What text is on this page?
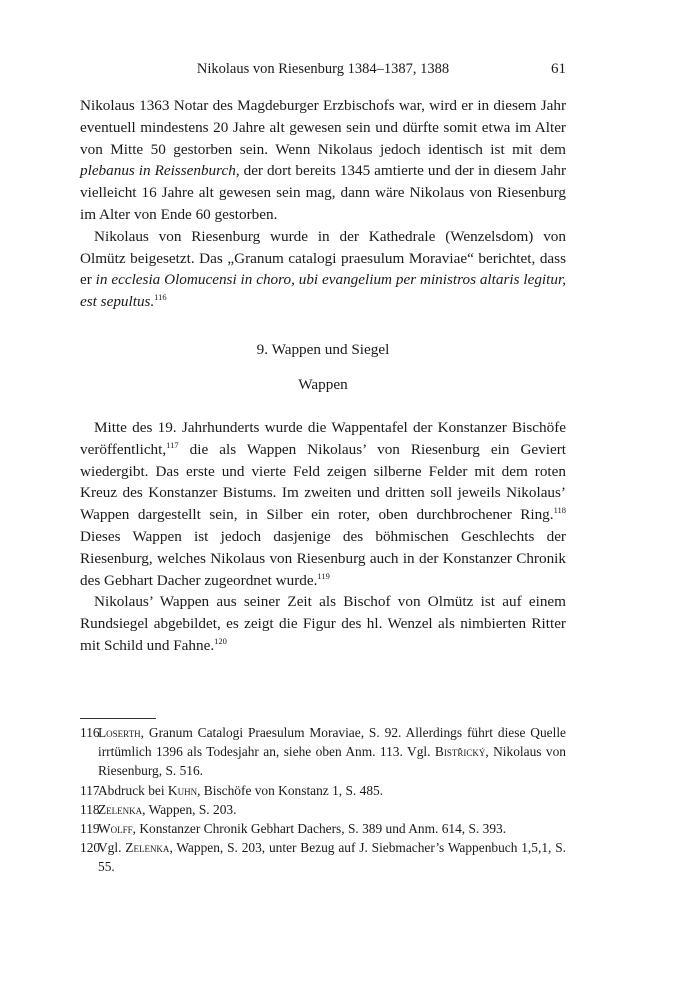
Nikolaus von Riesenburg 1384–1387, 1388	61

Nikolaus 1363 Notar des Magdeburger Erzbischofs war, wird er in diesem Jahr eventuell mindestens 20 Jahre alt gewesen sein und dürfte somit etwa im Alter von Mitte 50 gestorben sein. Wenn Nikolaus jedoch identisch ist mit dem plebanus in Reissenburch, der dort bereits 1345 amtierte und der in diesem Jahr vielleicht 16 Jahre alt gewesen sein mag, dann wäre Nikolaus von Riesenburg im Alter von Ende 60 gestorben.

Nikolaus von Riesenburg wurde in der Kathedrale (Wenzelsdom) von Olmütz beigesetzt. Das „Granum catalogi praesulum Moraviae“ berichtet, dass er in ecclesia Olomucensi in choro, ubi evangelium per ministros altaris legitur, est sepultus.$^{116}$

9. Wappen und Siegel
Wappen

Mitte des 19. Jahrhunderts wurde die Wappentafel der Konstanzer Bischöfe veröffentlicht,$^{117}$ die als Wappen Nikolaus’ von Riesenburg ein Geviert wiedergibt. Das erste und vierte Feld zeigen silberne Felder mit dem roten Kreuz des Konstanzer Bistums. Im zweiten und dritten soll jeweils Nikolaus’ Wappen dargestellt sein, in Silber ein roter, oben durchbrochener Ring.$^{118}$ Dieses Wappen ist jedoch dasjenige des böhmischen Geschlechts der Riesenburg, welches Nikolaus von Riesenburg auch in der Konstanzer Chronik des Gebhart Dacher zugeordnet wurde.$^{119}$

Nikolaus’ Wappen aus seiner Zeit als Bischof von Olmütz ist auf einem Rundsiegel abgebildet, es zeigt die Figur des hl. Wenzel als nimbierten Ritter mit Schild und Fahne.$^{120}$

116
Loserth, Granum Catalogi Praesulum Moraviae, S. 92. Allerdings führt diese Quelle irrtümlich 1396 als Todesjahr an, siehe oben Anm. 113. Vgl. Bistřický, Nikolaus von Riesenburg, S. 516.
117
Abdruck bei Kuhn, Bischöfe von Konstanz 1, S. 485.
118
Zelenka, Wappen, S. 203.
119
Wolff, Konstanzer Chronik Gebhart Dachers, S. 389 und Anm. 614, S. 393.
120
Vgl. Zelenka, Wappen, S. 203, unter Bezug auf J. Siebmacher’s Wappenbuch 1,5,1, S. 55.
